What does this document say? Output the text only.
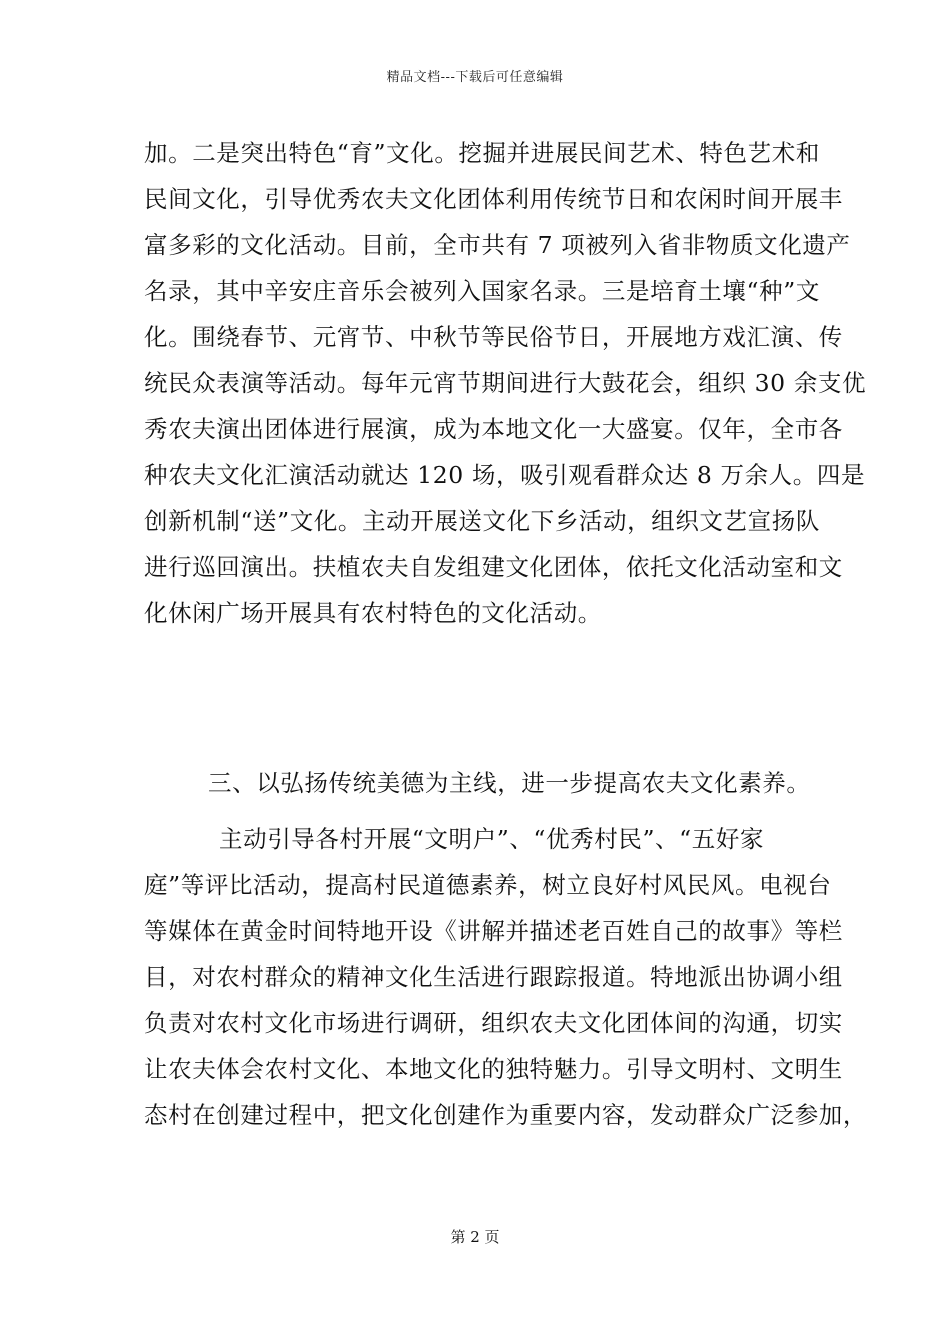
精品文档---下载后可任意编辑
加。二是突出特色“育”文化。挖掘并进展民间艺术、特色艺术和
民间文化，引导优秀农夫文化团体利用传统节日和农闲时间开展丰
富多彩的文化活动。目前，全市共有 7 项被列入省非物质文化遗产
名录，其中辛安庄音乐会被列入国家名录。三是培育土壤“种”文
化。围绕春节、元宵节、中秋节等民俗节日，开展地方戏汇演、传
统民众表演等活动。每年元宵节期间进行大鼓花会，组织 30 余支优
秀农夫演出团体进行展演，成为本地文化一大盛宴。仅年，全市各
种农夫文化汇演活动就达 120 场，吸引观看群众达 8 万余人。四是
创新机制“送”文化。主动开展送文化下乡活动，组织文艺宣扬队
进行巡回演出。扶植农夫自发组建文化团体，依托文化活动室和文
化休闲广场开展具有农村特色的文化活动。
三、以弘扬传统美德为主线，进一步提高农夫文化素养。
主动引导各村开展“文明户”、“优秀村民”、“五好家
庭”等评比活动，提高村民道德素养，树立良好村风民风。电视台
等媒体在黄金时间特地开设《讲解并描述老百姓自己的故事》等栏
目，对农村群众的精神文化生活进行跟踪报道。特地派出协调小组
负责对农村文化市场进行调研，组织农夫文化团体间的沟通，切实
让农夫体会农村文化、本地文化的独特魅力。引导文明村、文明生
态村在创建过程中，把文化创建作为重要内容，发动群众广泛参加，
第 2 页
